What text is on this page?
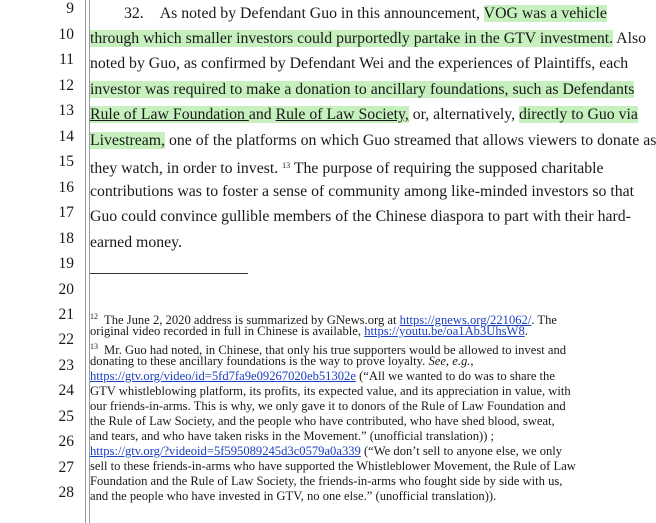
9
10
11
12
13
14
15
16
17
18
19
20
21
22
23
24
25
26
27
28
32. As noted by Defendant Guo in this announcement, VOG was a vehicle
through which smaller investors could purportedly partake in the GTV investment. Also
noted by Guo, as confirmed by Defendant Wei and the experiences of Plaintiffs, each
investor was required to make a donation to ancillary foundations, such as Defendants
Rule of Law Foundation and Rule of Law Society, or, alternatively, directly to Guo via
Livestream, one of the platforms on which Guo streamed that allows viewers to donate as
they watch, in order to invest. $^{13}$ The purpose of requiring the supposed charitable
contributions was to foster a sense of community among like-minded investors so that
Guo could convince gullible members of the Chinese diaspora to part with their hard-
earned money.
$^{12}$ The June 2, 2020 address is summarized by GNews.org at https://gnews.org/221062/. The
original video recorded in full in Chinese is available, https://youtu.be/oa1Ab3UhsW8.
$^{13}$ Mr. Guo had noted, in Chinese, that only his true supporters would be allowed to invest and
donating to these ancillary foundations is the way to prove loyalty. See, e.g.,
https://gtv.org/video/id=5fd7fa9e09267020eb51302e (“All we wanted to do was to share the
GTV whistleblowing platform, its profits, its expected value, and its appreciation in value, with
our friends-in-arms. This is why, we only gave it to donors of the Rule of Law Foundation and
the Rule of Law Society, and the people who have contributed, who have shed blood, sweat,
and tears, and who have taken risks in the Movement.” (unofficial translation)) ;
https://gtv.org/?videoid=5f595089245d3c0579a0a339 (“We don’t sell to anyone else, we only
sell to these friends-in-arms who have supported the Whistleblower Movement, the Rule of Law
Foundation and the Rule of Law Society, the friends-in-arms who fought side by side with us,
and the people who have invested in GTV, no one else.” (unofficial translation)).
